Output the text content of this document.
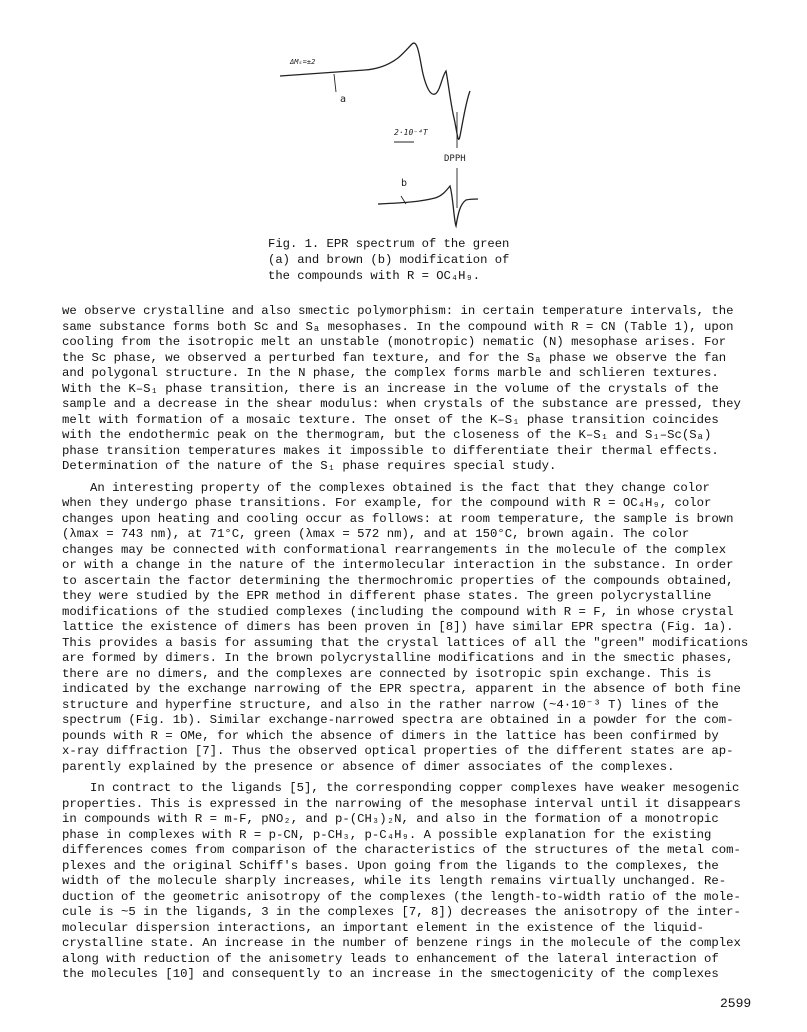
ΔMₛ=±2
a
2·10⁻⁴T
DPPH
b
Fig. 1. EPR spectrum of the green
(a) and brown (b) modification of
the compounds with R = OC₄H₉.
we observe crystalline and also smectic polymorphism: in certain temperature intervals, the
same substance forms both Sᴄ and Sₐ mesophases. In the compound with R = CN (Table 1), upon
cooling from the isotropic melt an unstable (monotropic) nematic (N) mesophase arises. For
the Sᴄ phase, we observed a perturbed fan texture, and for the Sₐ phase we observe the fan
and polygonal structure. In the N phase, the complex forms marble and schlieren textures.
With the K–S₁ phase transition, there is an increase in the volume of the crystals of the
sample and a decrease in the shear modulus: when crystals of the substance are pressed, they
melt with formation of a mosaic texture. The onset of the K–S₁ phase transition coincides
with the endothermic peak on the thermogram, but the closeness of the K–S₁ and S₁–Sᴄ(Sₐ)
phase transition temperatures makes it impossible to differentiate their thermal effects.
Determination of the nature of the S₁ phase requires special study.
An interesting property of the complexes obtained is the fact that they change color
when they undergo phase transitions. For example, for the compound with R = OC₄H₉, color
changes upon heating and cooling occur as follows: at room temperature, the sample is brown
(λmax = 743 nm), at 71°C, green (λmax = 572 nm), and at 150°C, brown again. The color
changes may be connected with conformational rearrangements in the molecule of the complex
or with a change in the nature of the intermolecular interaction in the substance. In order
to ascertain the factor determining the thermochromic properties of the compounds obtained,
they were studied by the EPR method in different phase states. The green polycrystalline
modifications of the studied complexes (including the compound with R = F, in whose crystal
lattice the existence of dimers has been proven in [8]) have similar EPR spectra (Fig. 1a).
This provides a basis for assuming that the crystal lattices of all the "green" modifications
are formed by dimers. In the brown polycrystalline modifications and in the smectic phases,
there are no dimers, and the complexes are connected by isotropic spin exchange. This is
indicated by the exchange narrowing of the EPR spectra, apparent in the absence of both fine
structure and hyperfine structure, and also in the rather narrow (~4·10⁻³ T) lines of the
spectrum (Fig. 1b). Similar exchange-narrowed spectra are obtained in a powder for the com-
pounds with R = OMe, for which the absence of dimers in the lattice has been confirmed by
x-ray diffraction [7]. Thus the observed optical properties of the different states are ap-
parently explained by the presence or absence of dimer associates of the complexes.
In contract to the ligands [5], the corresponding copper complexes have weaker mesogenic
properties. This is expressed in the narrowing of the mesophase interval until it disappears
in compounds with R = m-F, pNO₂, and p-(CH₃)₂N, and also in the formation of a monotropic
phase in complexes with R = p-CN, p-CH₃, p-C₄H₉. A possible explanation for the existing
differences comes from comparison of the characteristics of the structures of the metal com-
plexes and the original Schiff's bases. Upon going from the ligands to the complexes, the
width of the molecule sharply increases, while its length remains virtually unchanged. Re-
duction of the geometric anisotropy of the complexes (the length-to-width ratio of the mole-
cule is ~5 in the ligands, 3 in the complexes [7, 8]) decreases the anisotropy of the inter-
molecular dispersion interactions, an important element in the existence of the liquid-
crystalline state. An increase in the number of benzene rings in the molecule of the complex
along with reduction of the anisometry leads to enhancement of the lateral interaction of
the molecules [10] and consequently to an increase in the smectogenicity of the complexes
2599
